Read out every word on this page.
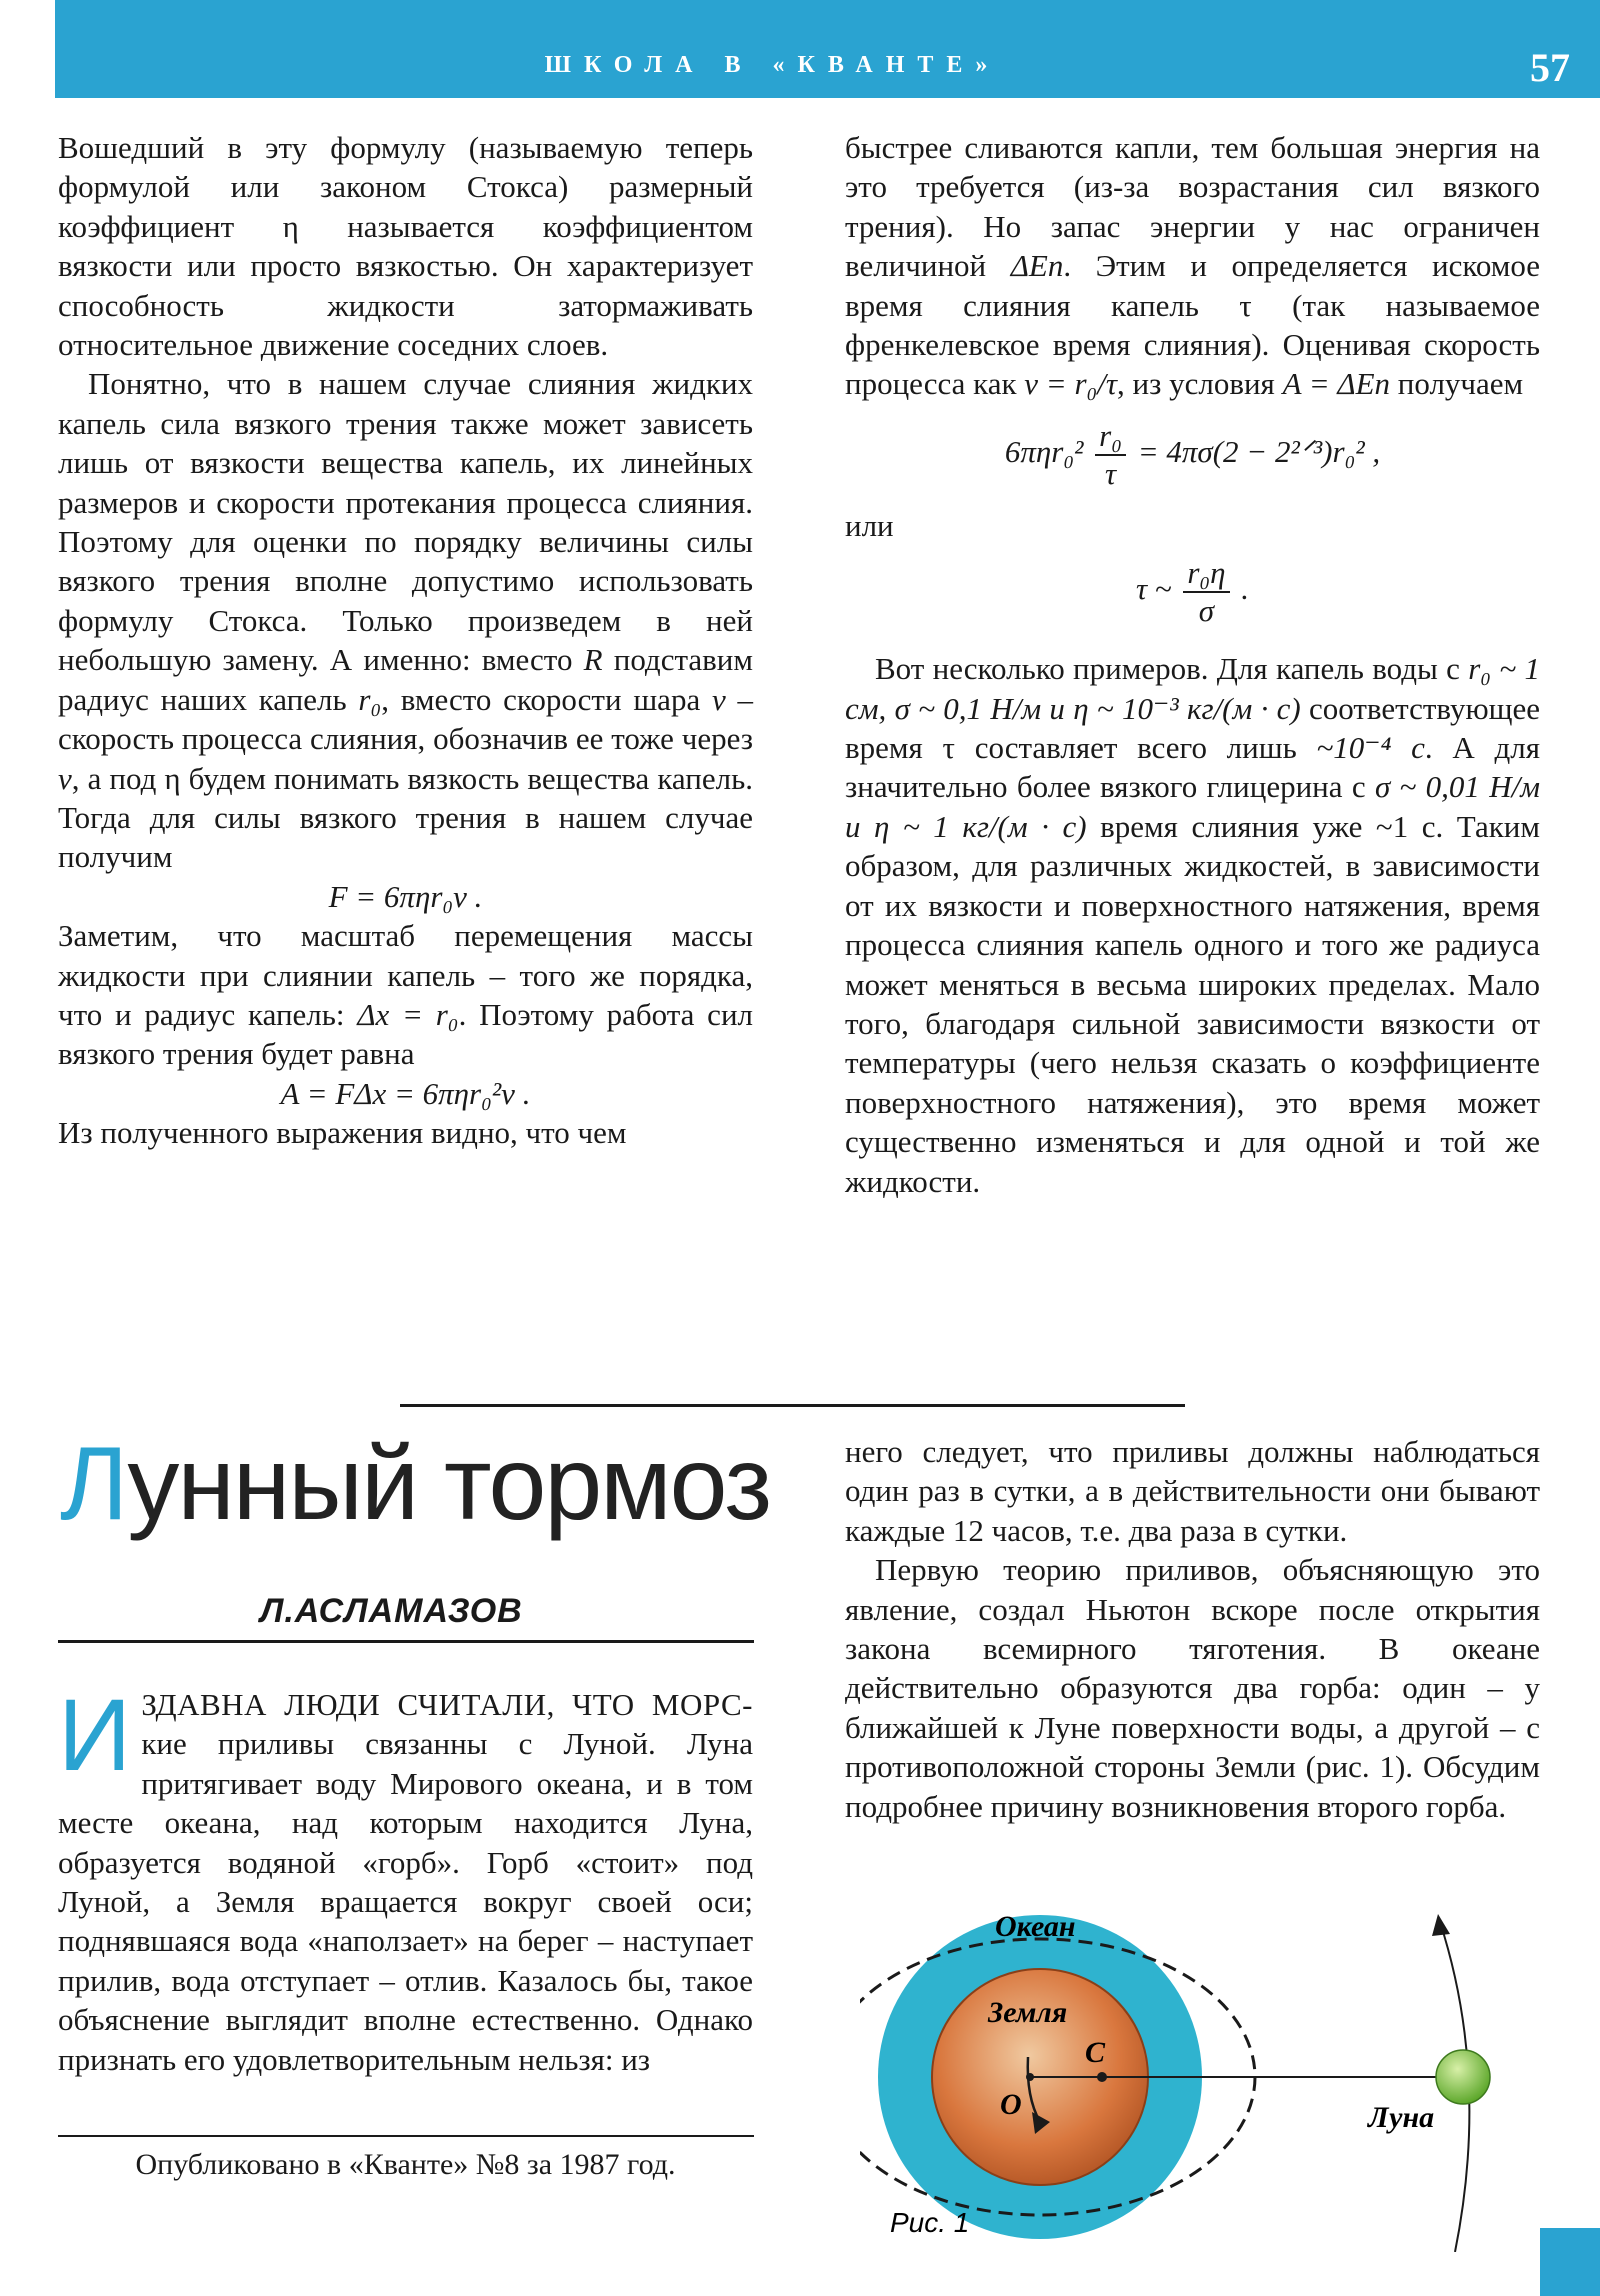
ШКОЛА В «КВАНТЕ»	57

Вошедший в эту формулу (называемую теперь формулой или законом Стокса) размерный коэффициент η называется коэффициентом вязкости или просто вязкостью. Он характеризует способность жидкости затормаживать относительное движение соседних слоев.

Понятно, что в нашем случае слияния жидких капель сила вязкого трения также может зависеть лишь от вязкости вещества капель, их линейных размеров и скорости протекания процесса слияния. Поэтому для оценки по порядку величины силы вязкого трения вполне допустимо использовать формулу Стокса. Только произведем в ней небольшую замену. А именно: вместо R подставим радиус наших капель r₀, вместо скорости шара v – скорость процесса слияния, обозначив ее тоже через v, а под η будем понимать вязкость вещества капель. Тогда для силы вязкого трения в нашем случае получим

F = 6πηr₀v .

Заметим, что масштаб перемещения массы жидкости при слиянии капель – того же порядка, что и радиус капель: Δx = r₀. Поэтому работа сил вязкого трения будет равна

A = FΔx = 6πηr₀²v .

Из полученного выражения видно, что чем

быстрее сливаются капли, тем большая энергия на это требуется (из-за возрастания сил вязкого трения). Но запас энергии у нас ограничен величиной ΔEп. Этим и определяется искомое время слияния капель τ (так называемое френкелевское время слияния). Оценивая скорость процесса как v = r₀/τ, из условия A = ΔEп получаем

$6\pi\eta r_0^2 \frac{\text{r₀}}{\tau} = 4\pi\sigma(2$ − 2²ᐟ³)r₀² ,

или

τ ~ $\frac{\text{r₀η}}{\sigma}$ .

Вот несколько примеров. Для капель воды с r₀ ~ 1 см, σ ~ 0,1 Н/м и η ~ 10⁻³ кг/(м · с) соответствующее время τ составляет всего лишь ~10⁻⁴ с. А для значительно более вязкого глицерина с σ ~ 0,01 Н/м и η ~ 1 кг/(м · с) время слияния уже ~1 с. Таким образом, для различных жидкостей, в зависимости от их вязкости и поверхностного натяжения, время процесса слияния капель одного и того же радиуса может меняться в весьма широких пределах. Мало того, благодаря сильной зависимости вязкости от температуры (чего нельзя сказать о коэффициенте поверхностного натяжения), это время может существенно изменяться и для одной и той же жидкости.

Лунный тормоз
Л.АСЛАМАЗОВ

ИЗДАВНА ЛЮДИ СЧИТАЛИ, ЧТО МОРС- кие приливы связанны с Луной. Луна притягивает воду Мирового океана, и в том месте океана, над которым находится Луна, образуется водяной «горб». Горб «стоит» под Луной, а Земля вращается вокруг своей оси; поднявшаяся вода «наползает» на берег – наступает прилив, вода отступает – отлив. Казалось бы, такое объяснение выглядит вполне естественно. Однако признать его удовлетворительным нельзя: из

Опубликовано в «Кванте» №8 за 1987 год.

него следует, что приливы должны наблюдаться один раз в сутки, а в действительности они бывают каждые 12 часов, т.е. два раза в сутки.

Первую теорию приливов, объясняющую это явление, создал Ньютон вскоре после открытия закона всемирного тяготения. В океане действительно образуются два горба: один – у ближайшей к Луне поверхности воды, а другой – с противоположной стороны Земли (рис. 1). Обсудим подробнее причину возникновения второго горба.

Океан
Земля
O
C
Луна
Рис. 1
